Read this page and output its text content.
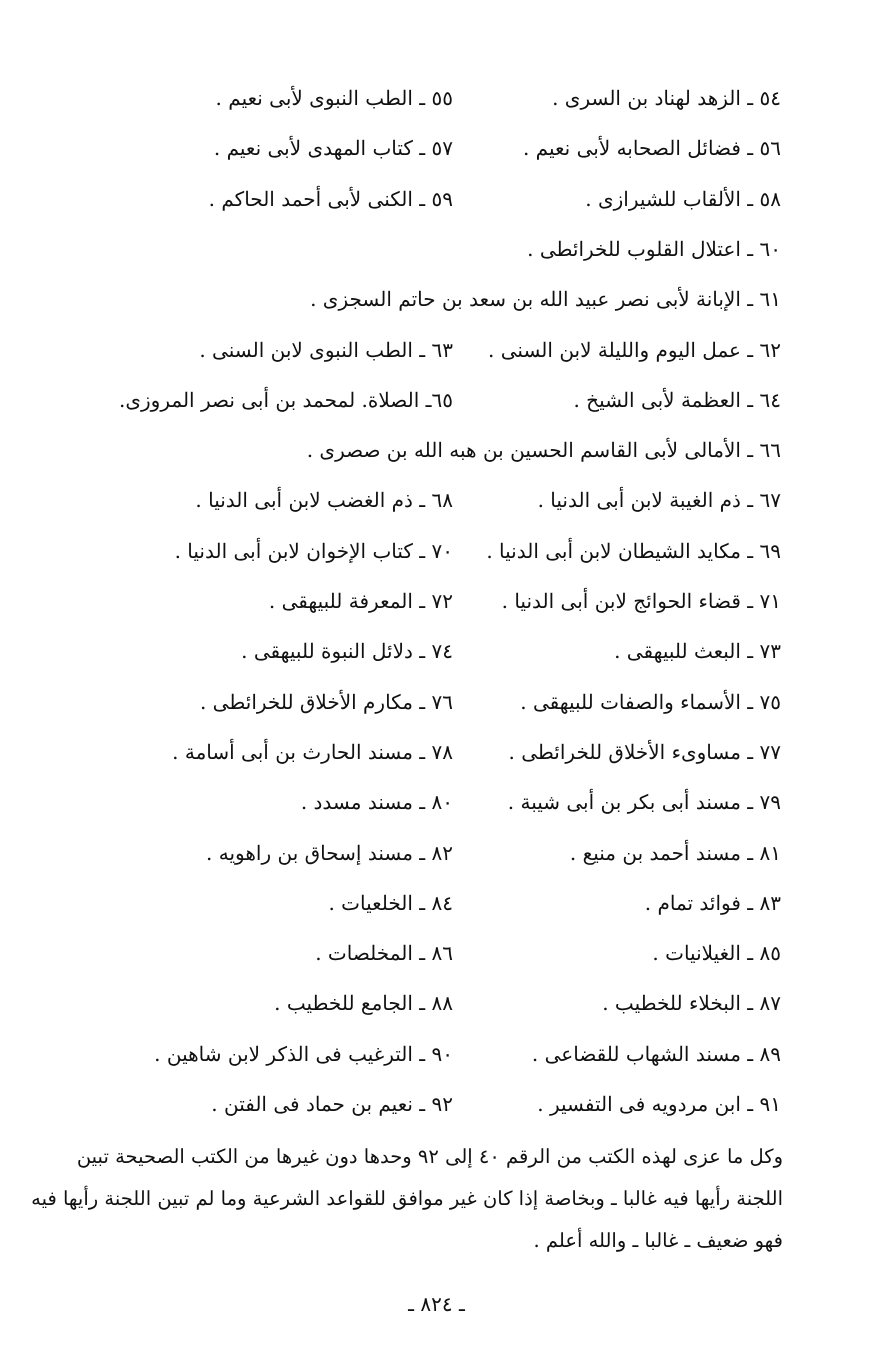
٥٤ ـ الزهد لهناد بن السرى .
٥٥ ـ الطب النبوى لأبى نعيم .
٥٦ ـ فضائل الصحابه لأبى نعيم .
٥٧ ـ كتاب المهدى لأبى نعيم .
٥٨ ـ الألقاب للشيرازى .
٥٩ ـ الكنى لأبى أحمد الحاكم .
٦٠ ـ اعتلال القلوب للخرائطى .
٦١ ـ الإبانة لأبى نصر عبيد الله بن سعد بن حاتم السجزى .
٦٢ ـ عمل اليوم والليلة لابن السنى .
٦٣ ـ الطب النبوى لابن السنى .
٦٤ ـ العظمة لأبى الشيخ .
٦٥ـ الصلاة. لمحمد بن أبى نصر المروزى.
٦٦ ـ الأمالى لأبى القاسم الحسين بن هبه الله بن صصرى .
٦٧ ـ ذم الغيبة لابن أبى الدنيا .
٦٨ ـ ذم الغضب لابن أبى الدنيا .
٦٩ ـ مكايد الشيطان لابن أبى الدنيا .
٧٠ ـ كتاب الإخوان لابن أبى الدنيا .
٧١ ـ قضاء الحوائج لابن أبى الدنيا .
٧٢ ـ المعرفة للبيهقى .
٧٣ ـ البعث للبيهقى .
٧٤ ـ دلائل النبوة للبيهقى .
٧٥ ـ الأسماء والصفات للبيهقى .
٧٦ ـ مكارم الأخلاق للخرائطى .
٧٧ ـ مساوىء الأخلاق للخرائطى .
٧٨ ـ مسند الحارث بن أبى أسامة .
٧٩ ـ مسند أبى بكر بن أبى شيبة .
٨٠ ـ مسند مسدد .
٨١ ـ مسند أحمد بن منيع .
٨٢ ـ مسند إسحاق بن راهويه .
٨٣ ـ فوائد تمام .
٨٤ ـ الخلعيات .
٨٥ ـ الغيلانيات .
٨٦ ـ المخلصات .
٨٧ ـ البخلاء للخطيب .
٨٨ ـ الجامع للخطيب .
٨٩ ـ مسند الشهاب للقضاعى .
٩٠ ـ الترغيب فى الذكر لابن شاهين .
٩١ ـ ابن مردويه فى التفسير .
٩٢ ـ نعيم بن حماد فى الفتن .
وكل ما عزى لهذه الكتب من الرقم ٤٠ إلى ٩٢ وحدها دون غيرها من الكتب الصحيحة تبين
اللجنة رأيها فيه غالبا ـ وبخاصة إذا كان غير موافق للقواعد الشرعية وما لم تبين اللجنة رأيها فيه
فهو ضعيف ـ غالبا ـ والله أعلم .
ـ ٨٢٤ ـ
